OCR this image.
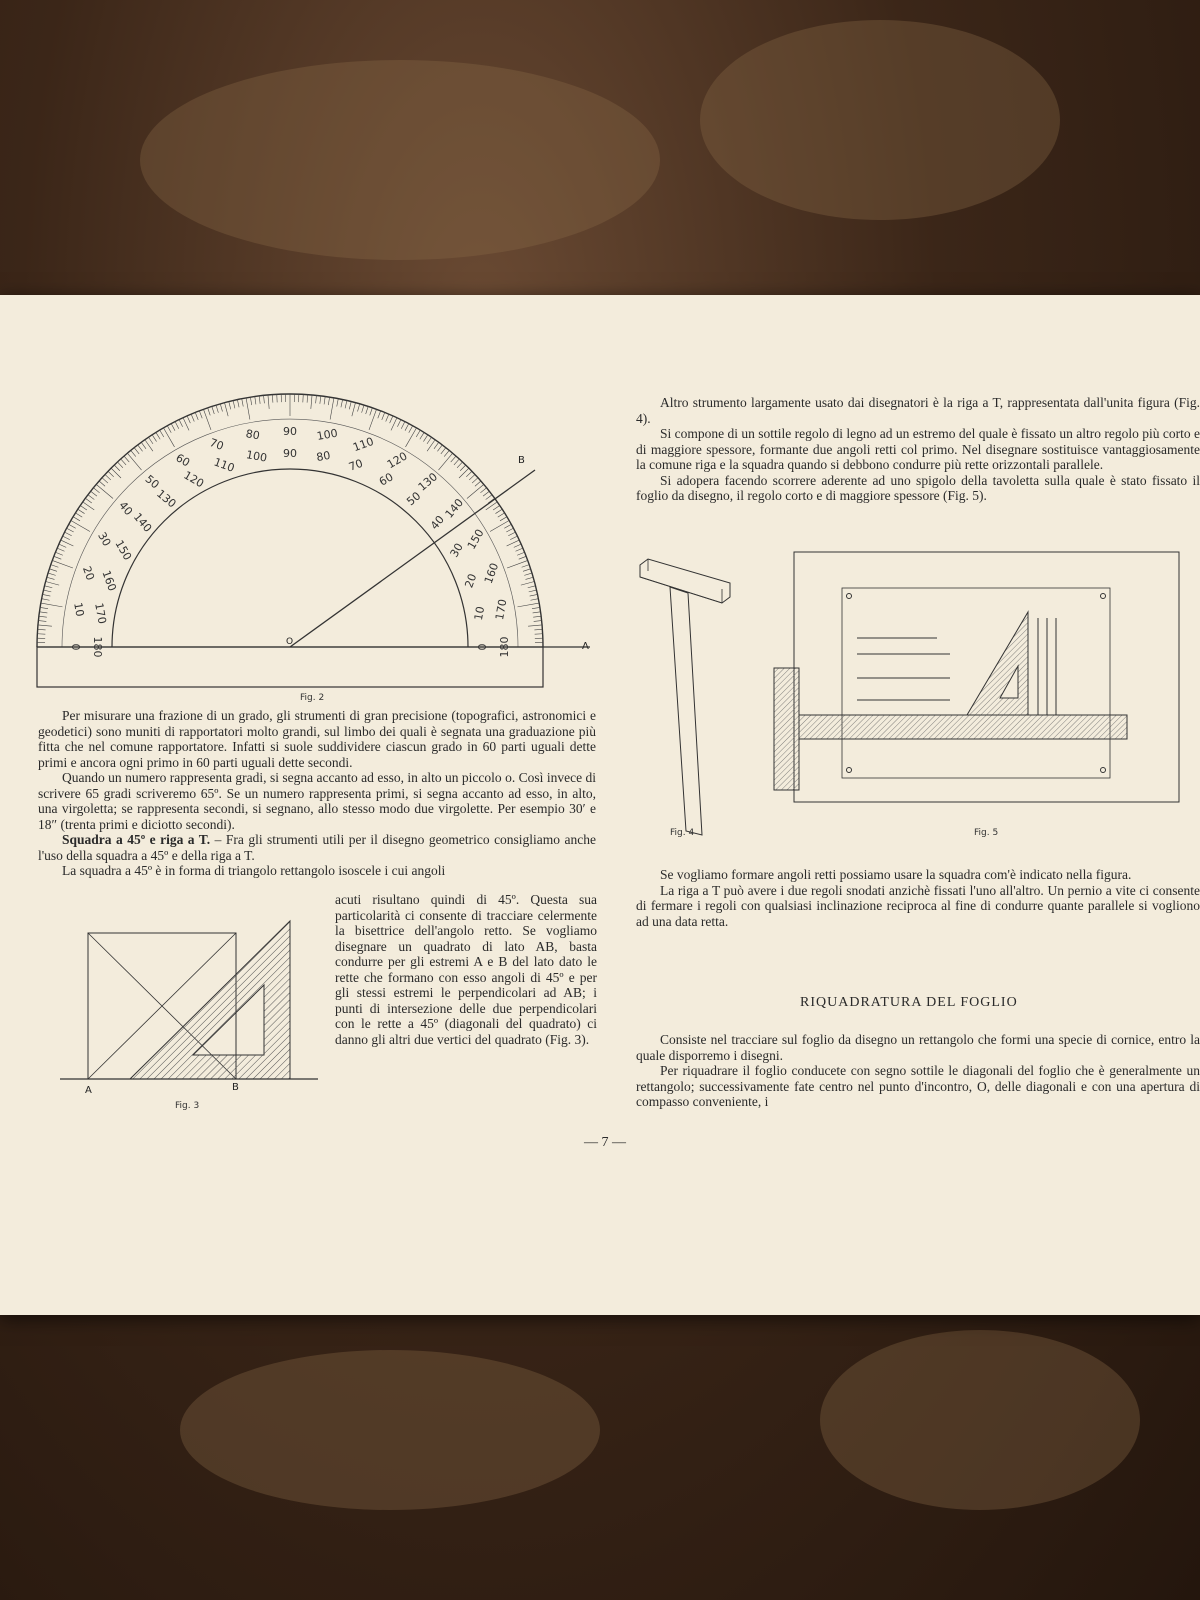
0
10
20
30
40
50
60
70
80 90 100
110
120
130
140
150
160
170
180
180
170
160
150
140
130
120
110 100 90 80
70
60
50
40
30
20
10
0	A
B
O
Fig. 2

Per misurare una frazione di un grado, gli strumenti di gran precisione (topografici, astronomici e geodetici) sono muniti di rapportatori molto grandi, sul limbo dei quali è segnata una graduazione più fitta che nel comune rapportatore. Infatti si suole suddividere ciascun grado in 60 parti uguali dette primi e ancora ogni primo in 60 parti uguali dette secondi.

Quando un numero rappresenta gradi, si segna accanto ad esso, in alto un piccolo o. Così invece di scrivere 65 gradi scriveremo 65º. Se un numero rappresenta primi, si segna accanto ad esso, in alto, una virgoletta; se rappresenta secondi, si segnano, allo stesso modo due virgolette. Per esempio 30′ e 18″ (trenta primi e diciotto secondi).

Squadra a 45º e riga a T. – Fra gli strumenti utili per il disegno geometrico consigliamo anche l'uso della squadra a 45º e della riga a T.

La squadra a 45º è in forma di triangolo rettangolo isoscele i cui angoli

acuti risultano quindi di 45º. Questa sua particolarità ci consente di tracciare celermente la bisettrice dell'angolo retto. Se vogliamo disegnare un quadrato di lato AB, basta condurre per gli estremi A e B del lato dato le rette che formano con esso angoli di 45º e per gli stessi estremi le perpendicolari ad AB; i punti di intersezione delle due perpendicolari con le rette a 45º (diagonali del quadrato) ci danno gli altri due vertici del quadrato (Fig. 3).

A	B
Fig. 3

Altro strumento largamente usato dai disegnatori è la riga a T, rappresentata dall'unita figura (Fig. 4).

Si compone di un sottile regolo di legno ad un estremo del quale è fissato un altro regolo più corto e di maggiore spessore, formante due angoli retti col primo. Nel disegnare sostituisce vantaggiosamente la comune riga e la squadra quando si debbono condurre più rette orizzontali parallele.

Si adopera facendo scorrere aderente ad uno spigolo della tavoletta sulla quale è stato fissato il foglio da disegno, il regolo corto e di maggiore spessore (Fig. 5).

Fig. 4	Fig. 5

Se vogliamo formare angoli retti possiamo usare la squadra com'è indicato nella figura.

La riga a T può avere i due regoli snodati anzichè fissati l'uno all'altro. Un pernio a vite ci consente di fermare i regoli con qualsiasi inclinazione reciproca al fine di condurre quante parallele si vogliono ad una data retta.

RIQUADRATURA DEL FOGLIO

Consiste nel tracciare sul foglio da disegno un rettangolo che formi una specie di cornice, entro la quale disporremo i disegni.

Per riquadrare il foglio conducete con segno sottile le diagonali del foglio che è generalmente un rettangolo; successivamente fate centro nel punto d'incontro, O, delle diagonali e con una apertura di compasso conveniente, i

— 7 —
